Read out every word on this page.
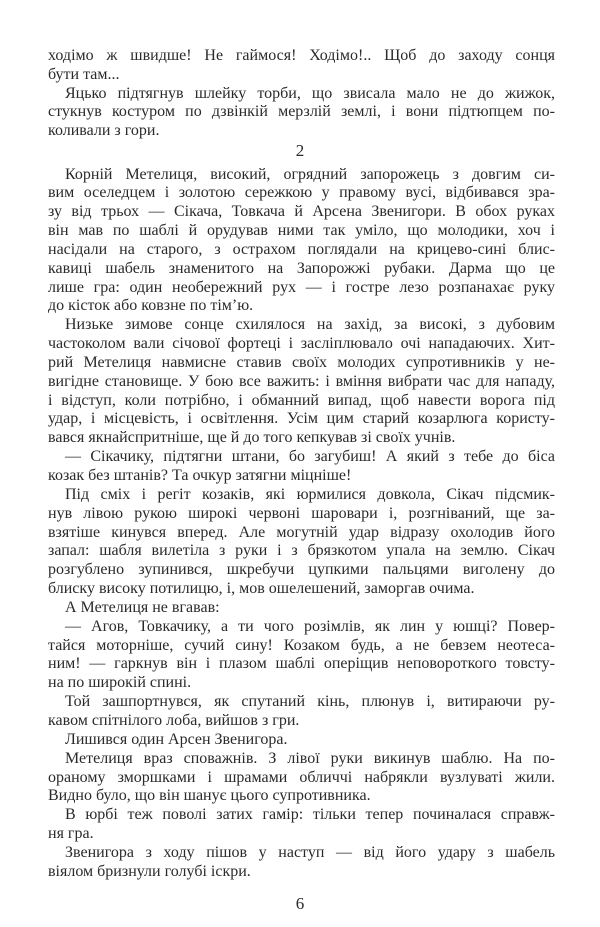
ходімо ж швидше! Не гаймося! Ходімо!.. Щоб до заходу сонця
бути там...
Яцько підтягнув шлейку торби, що звисала мало не до жижок,
стукнув костуром по дзвінкій мерзлій землі, і вони підтюпцем по-
коливали з гори.
2
Корній Метелиця, високий, огрядний запорожець з довгим си-
вим оселедцем і золотою сережкою у правому вусі, відбивався зра-
зу від трьох — Сікача, Товкача й Арсена Звенигори. В обох руках
він мав по шаблі й орудував ними так уміло, що молодики, хоч і
насідали на старого, з острахом поглядали на крицево-сині блис-
кавиці шабель знаменитого на Запорожжі рубаки. Дарма що це
лише гра: один необережний рух — і гостре лезо розпанахає руку
до кісток або ковзне по тім’ю.
Низьке зимове сонце схилялося на захід, за високі, з дубовим
частоколом вали січової фортеці і засліплювало очі нападаючих. Хит-
рий Метелиця навмисне ставив своїх молодих супротивників у не-
вигідне становище. У бою все важить: і вміння вибрати час для нападу,
і відступ, коли потрібно, і обманний випад, щоб навести ворога під
удар, і місцевість, і освітлення. Усім цим старий козарлюга користу-
вався якнайспритніше, ще й до того кепкував зі своїх учнів.
— Сікачику, підтягни штани, бо загубиш! А який з тебе до біса
козак без штанів? Та очкур затягни міцніше!
Під сміх і регіт козаків, які юрмилися довкола, Сікач підсмик-
нув лівою рукою широкі червоні шаровари і, розгніваний, ще за-
взятіше кинувся вперед. Але могутній удар відразу охолодив його
запал: шабля вилетіла з руки і з брязкотом упала на землю. Сікач
розгублено зупинився, шкребучи цупкими пальцями виголену до
блиску високу потилицю, і, мов ошелешений, заморгав очима.
А Метелиця не вгавав:
— Агов, Товкачику, а ти чого розімлів, як лин у юшці? Повер-
тайся моторніше, сучий сину! Козаком будь, а не бевзем неотеса-
ним! — гаркнув він і плазом шаблі оперіщив неповороткого товсту-
на по широкій спині.
Той зашпортнувся, як спутаний кінь, плюнув і, витираючи ру-
кавом спітнілого лоба, вийшов з гри.
Лишився один Арсен Звенигора.
Метелиця враз споважнів. З лівої руки викинув шаблю. На по-
ораному зморшками і шрамами обличчі набрякли вузлуваті жили.
Видно було, що він шанує цього супротивника.
В юрбі теж поволі затих гамір: тільки тепер починалася справж-
ня гра.
Звенигора з ходу пішов у наступ — від його удару з шабель
віялом бризнули голубі іскри.
6
